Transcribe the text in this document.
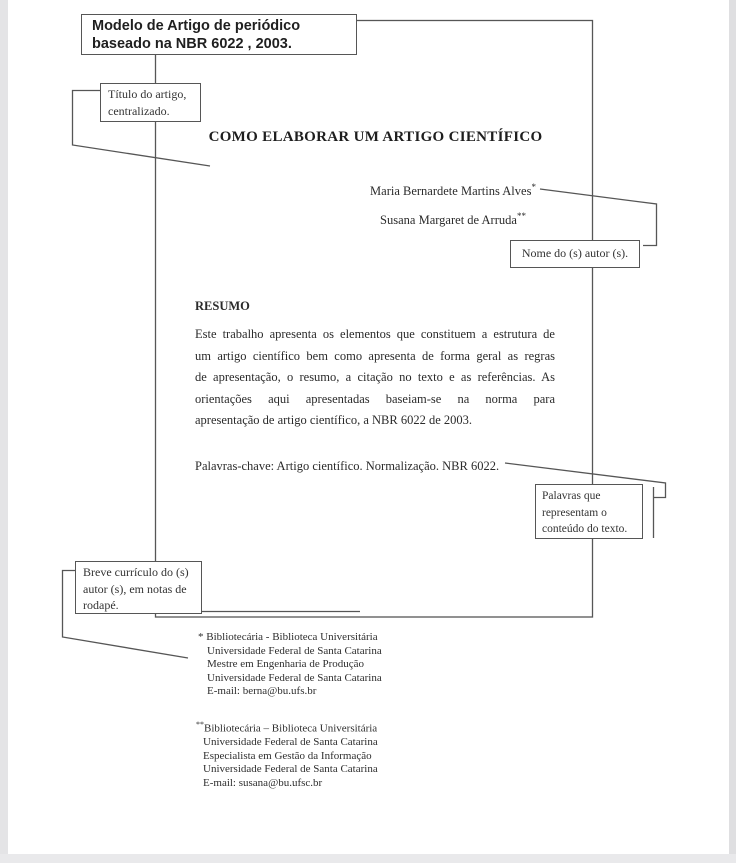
Modelo de Artigo de periódico
baseado na NBR 6022 , 2003.
Título do artigo,
centralizado.
COMO ELABORAR UM ARTIGO CIENTÍFICO
Maria Bernardete Martins Alves*
Susana Margaret de Arruda**
Nome do (s) autor (s).
RESUMO
Este trabalho apresenta os elementos que constituem a estrutura de
um artigo científico bem como apresenta de forma geral as regras
de apresentação, o resumo, a citação no texto e as referências. As
orientações aqui apresentadas baseiam-se na norma para
apresentação de artigo científico, a NBR 6022 de 2003.
Palavras-chave: Artigo científico. Normalização. NBR 6022.
Palavras que
representam o
conteúdo do texto.
Breve currículo do (s)
autor (s), em notas de
rodapé.
* Bibliotecária - Biblioteca Universitária
Universidade Federal de Santa Catarina
Mestre em Engenharia de Produção
Universidade Federal de Santa Catarina
E-mail: berna@bu.ufs.br
**Bibliotecária – Biblioteca Universitária
Universidade Federal de Santa Catarina
Especialista em Gestão da Informação
Universidade Federal de Santa Catarina
E-mail: susana@bu.ufsc.br
